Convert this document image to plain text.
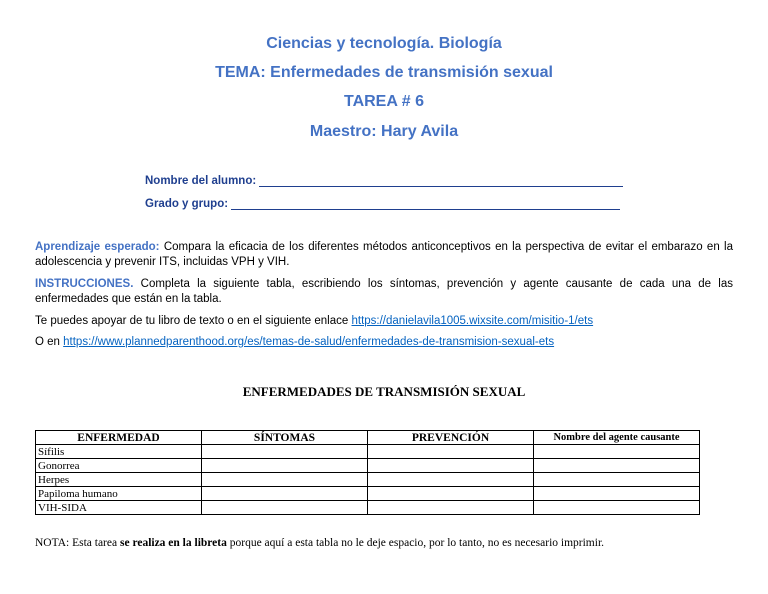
Ciencias y tecnología. Biología
TEMA: Enfermedades de transmisión sexual
TAREA # 6
Maestro: Hary Avila
Nombre del alumno:
Grado y grupo:
Aprendizaje esperado: Compara la eficacia de los diferentes métodos anticonceptivos en la perspectiva de evitar el embarazo en la adolescencia y prevenir ITS, incluidas VPH y VIH.
INSTRUCCIONES. Completa la siguiente tabla, escribiendo los síntomas, prevención y agente causante de cada una de las enfermedades que están en la tabla.
Te puedes apoyar de tu libro de texto o en el siguiente enlace https://danielavila1005.wixsite.com/misitio-1/ets
O en https://www.plannedparenthood.org/es/temas-de-salud/enfermedades-de-transmision-sexual-ets
ENFERMEDADES DE TRANSMISIÓN SEXUAL
ENFERMEDAD	SÍNTOMAS	PREVENCIÓN	Nombre del agente causante
Sífilis			
Gonorrea			
Herpes			
Papiloma humano			
VIH-SIDA			
NOTA: Esta tarea se realiza en la libreta porque aquí a esta tabla no le deje espacio, por lo tanto, no es necesario imprimir.
